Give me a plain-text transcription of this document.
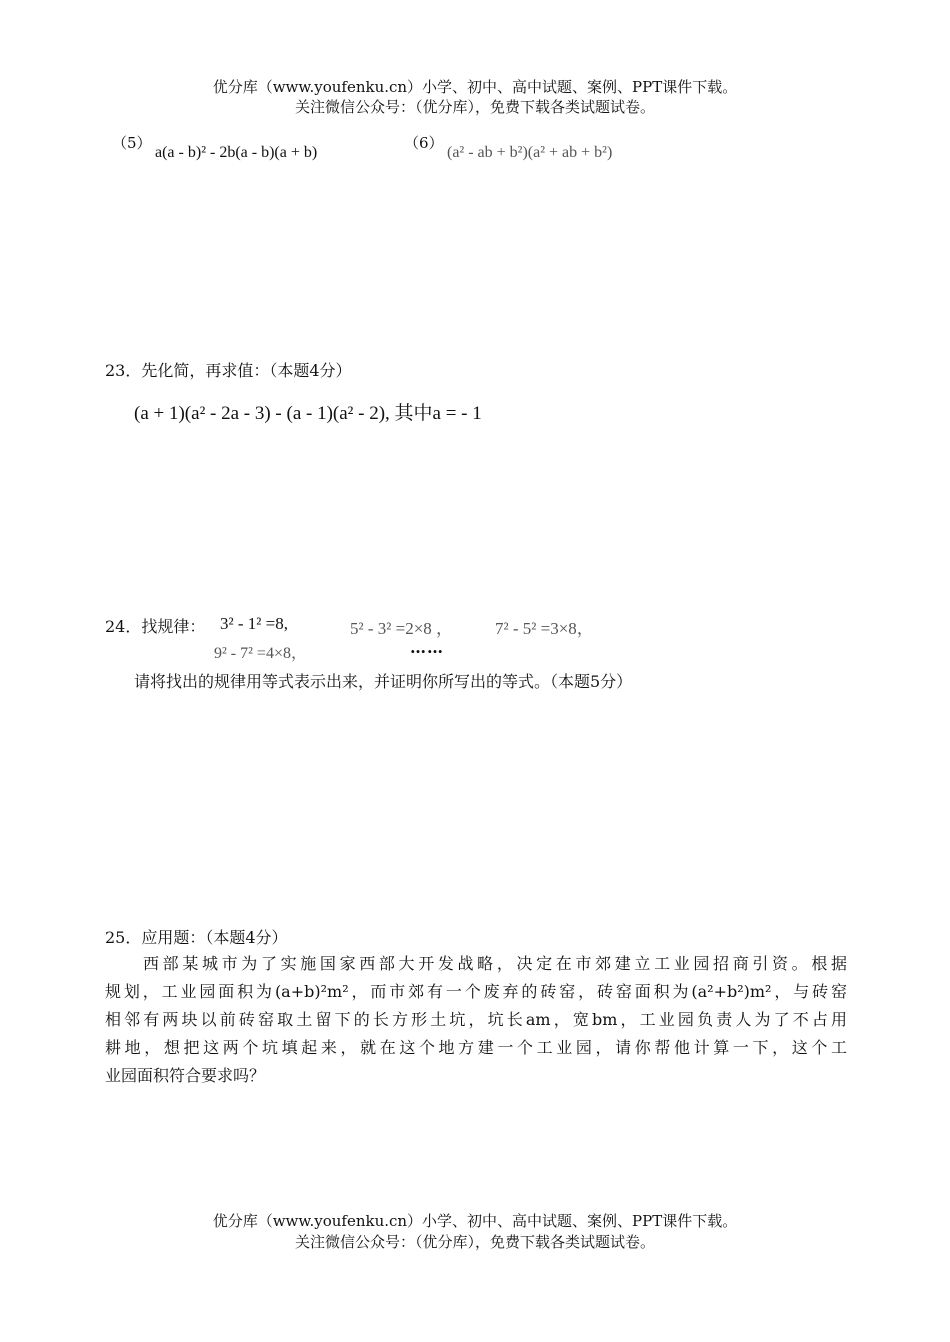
优分库（www.youfenku.cn）小学、初中、高中试题、案例、PPT课件下载。
关注微信公众号：（优分库），免费下载各类试题试卷。
（5）
a(a - b)² - 2b(a - b)(a + b)
（6）
(a² - ab + b²)(a² + ab + b²)
23．先化简，再求值：（本题4分）
(a + 1)(a² - 2a - 3) - (a - 1)(a² - 2), 其中a = - 1
24．找规律： 3² - 1² =8,	5² - 3² =2×8 ， 7² - 5² =3×8，
9² - 7² =4×8，	……
请将找出的规律用等式表示出来，并证明你所写出的等式。（本题5分）
25．应用题：（本题4分）
西部某城市为了实施国家西部大开发战略，决定在市郊建立工业园招商引资。根据
规划，工业园面积为(a+b)²m²，而市郊有一个废弃的砖窑，砖窑面积为(a²+b²)m²，与砖窑
相邻有两块以前砖窑取土留下的长方形土坑，坑长am，宽bm，工业园负责人为了不占用
耕地，想把这两个坑填起来，就在这个地方建一个工业园，请你帮他计算一下，这个工
业园面积符合要求吗？
优分库（www.youfenku.cn）小学、初中、高中试题、案例、PPT课件下载。
关注微信公众号：（优分库），免费下载各类试题试卷。
